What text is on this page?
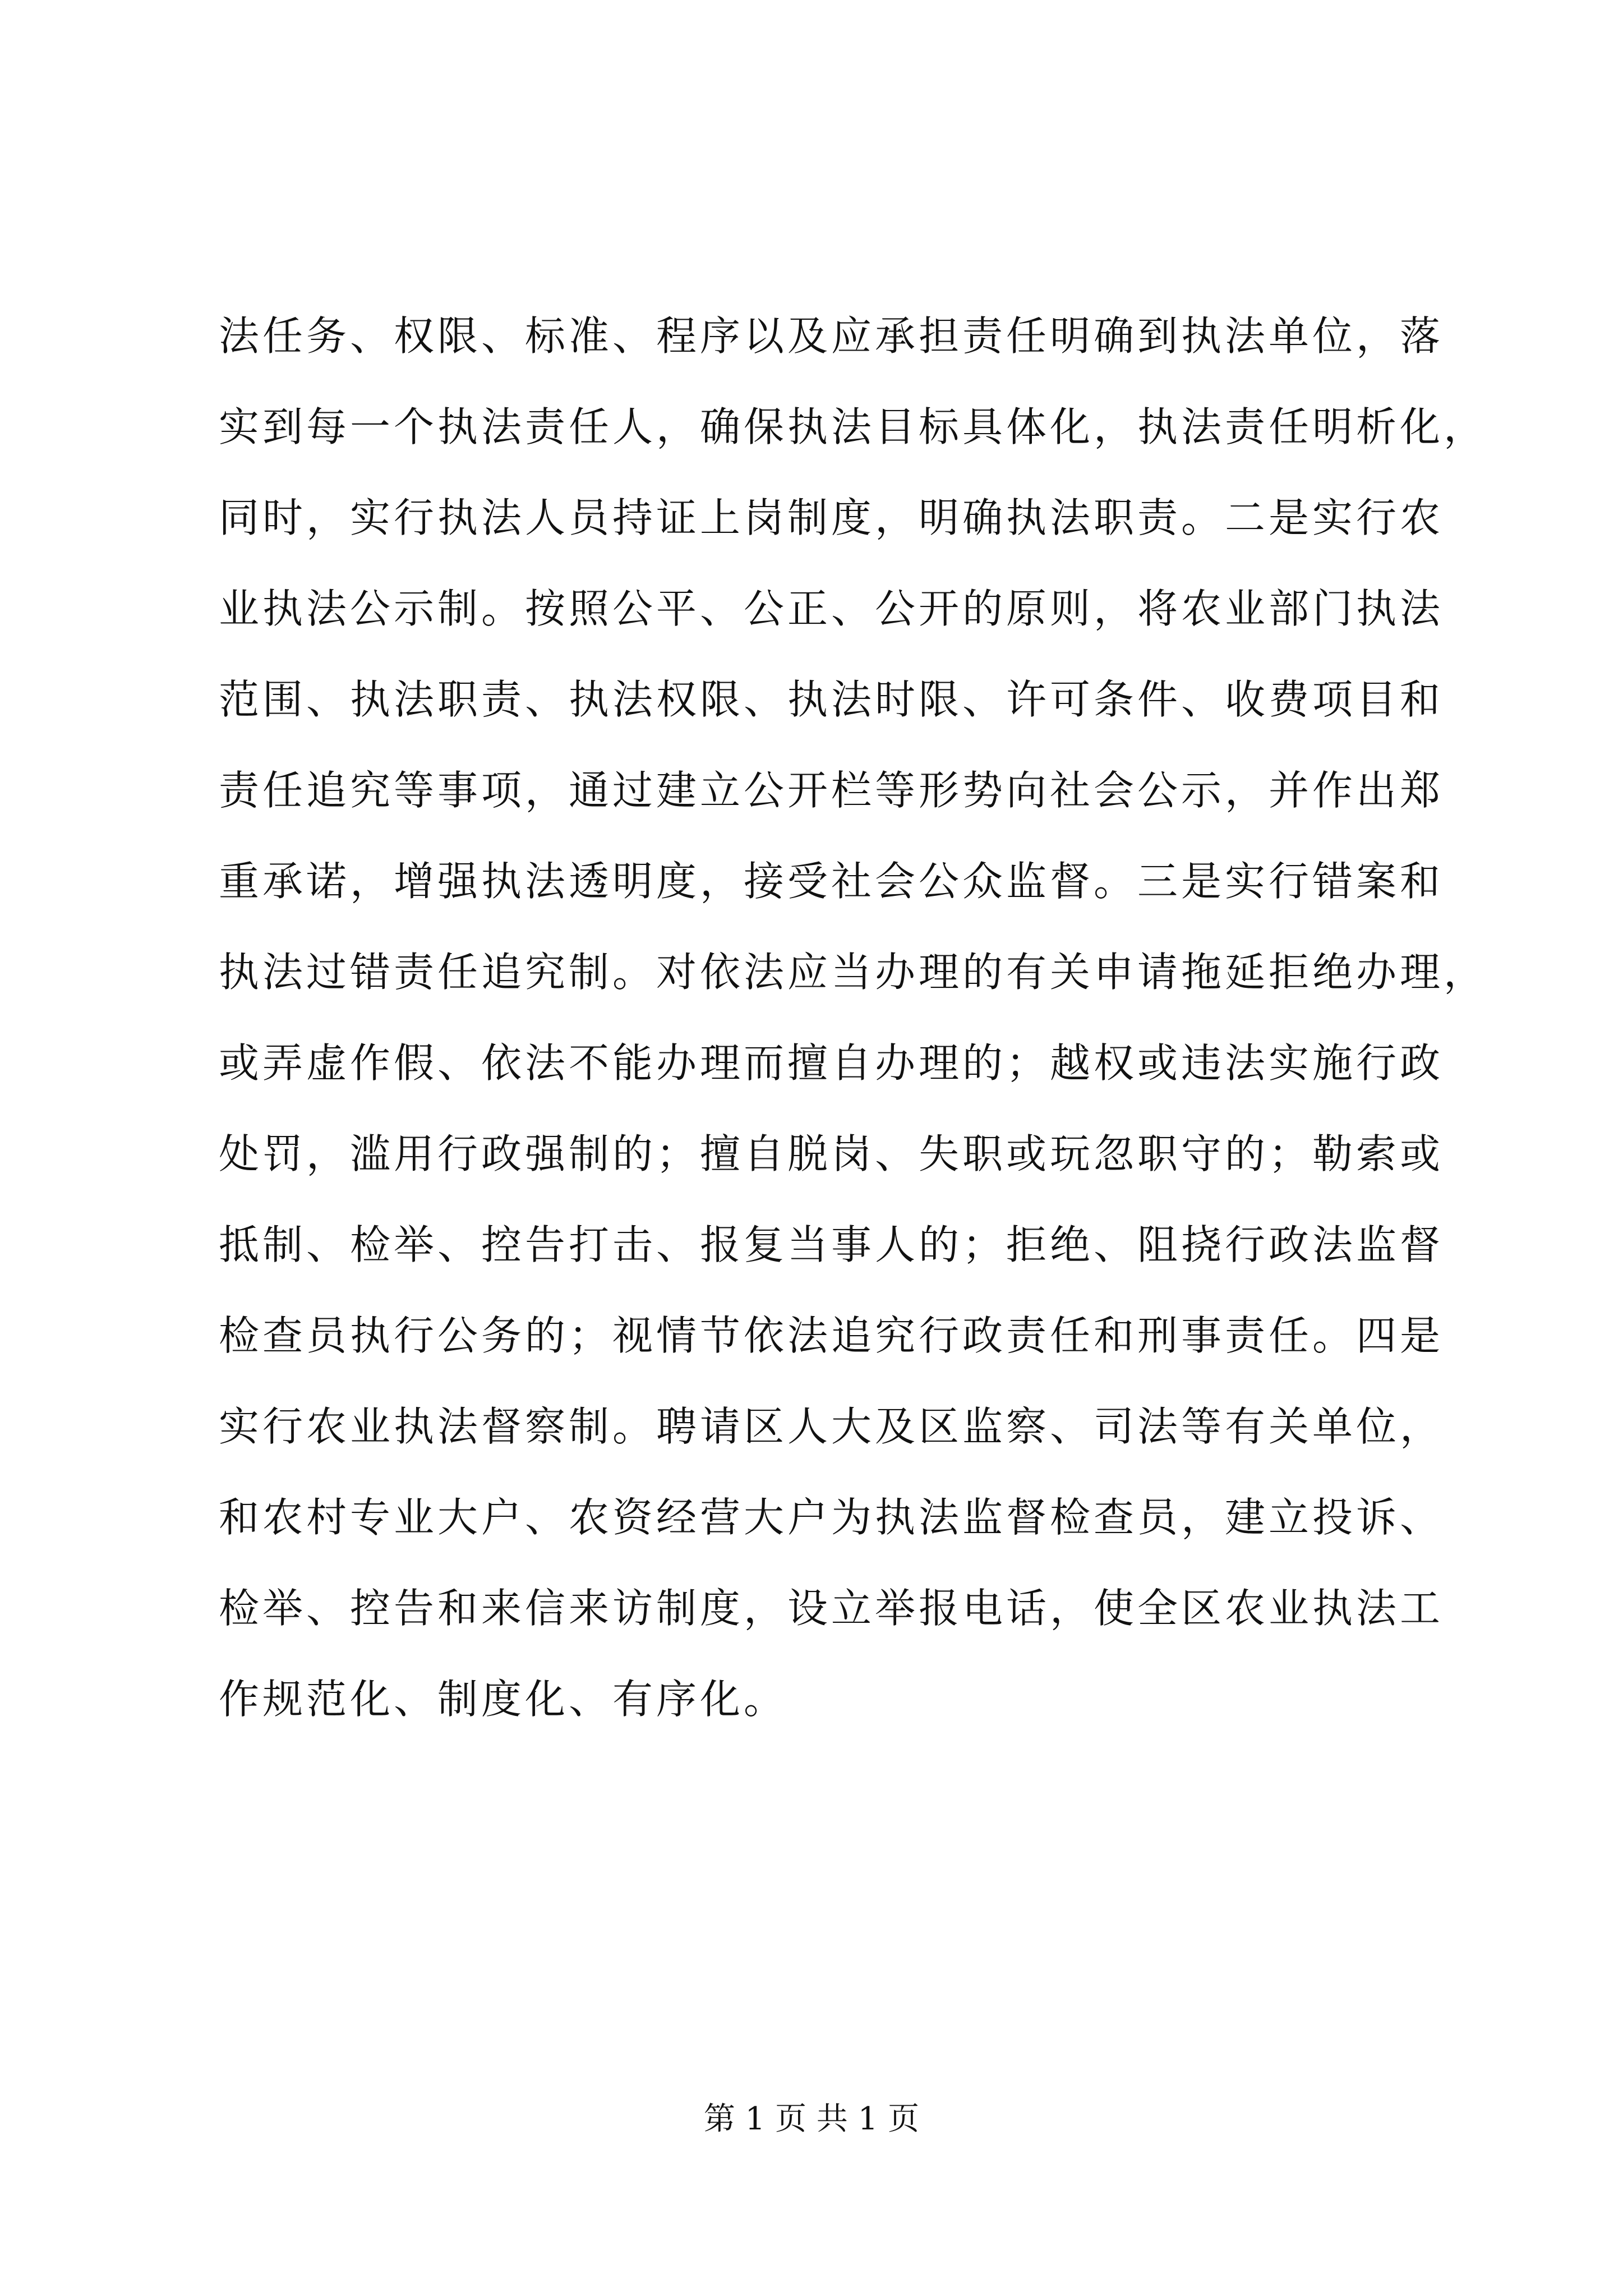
法任务、权限、标准、程序以及应承担责任明确到执法单位，落
实到每一个执法责任人，确保执法目标具体化，执法责任明析化，
同时，实行执法人员持证上岗制度，明确执法职责。二是实行农
业执法公示制。按照公平、公正、公开的原则，将农业部门执法
范围、执法职责、执法权限、执法时限、许可条件、收费项目和
责任追究等事项，通过建立公开栏等形势向社会公示，并作出郑
重承诺，增强执法透明度，接受社会公众监督。三是实行错案和
执法过错责任追究制。对依法应当办理的有关申请拖延拒绝办理，
或弄虚作假、依法不能办理而擅自办理的；越权或违法实施行政
处罚，滥用行政强制的；擅自脱岗、失职或玩忽职守的；勒索或
抵制、检举、控告打击、报复当事人的；拒绝、阻挠行政法监督
检查员执行公务的；视情节依法追究行政责任和刑事责任。四是
实行农业执法督察制。聘请区人大及区监察、司法等有关单位，
和农村专业大户、农资经营大户为执法监督检查员，建立投诉、
检举、控告和来信来访制度，设立举报电话，使全区农业执法工
作规范化、制度化、有序化。
第 1 页 共 1 页
